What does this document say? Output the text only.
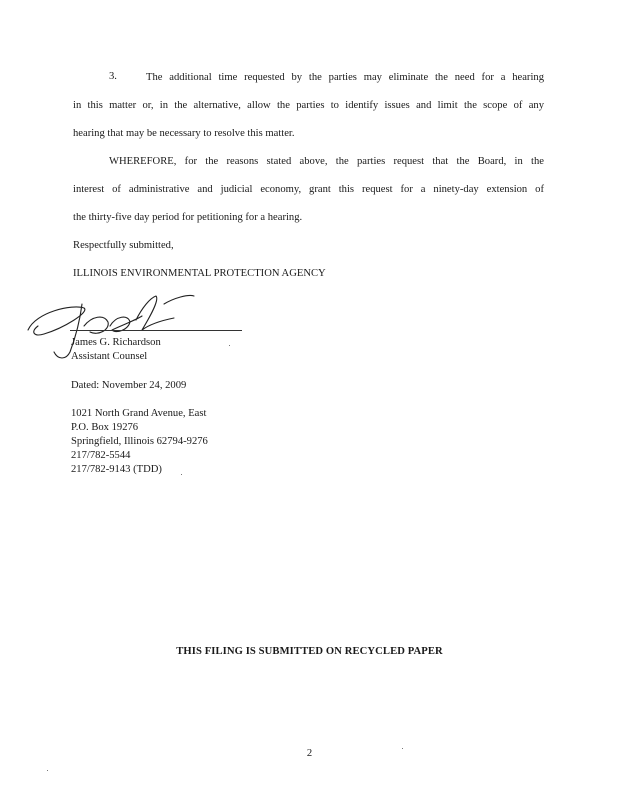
3.	The additional time requested by the parties may eliminate the need for a hearing
in this matter or, in the alternative, allow the parties to identify issues and limit the scope of any
hearing that may be necessary to resolve this matter.
WHEREFORE, for the reasons stated above, the parties request that the Board, in the
interest of administrative and judicial economy, grant this request for a ninety-day extension of
the thirty-five day period for petitioning for a hearing.
Respectfully submitted,
ILLINOIS ENVIRONMENTAL PROTECTION AGENCY
James G. Richardson
Assistant Counsel
Dated: November 24, 2009
1021 North Grand Avenue, East
P.O. Box 19276
Springfield, Illinois 62794-9276
217/782-5544
217/782-9143 (TDD)
THIS FILING IS SUBMITTED ON RECYCLED PAPER
2
